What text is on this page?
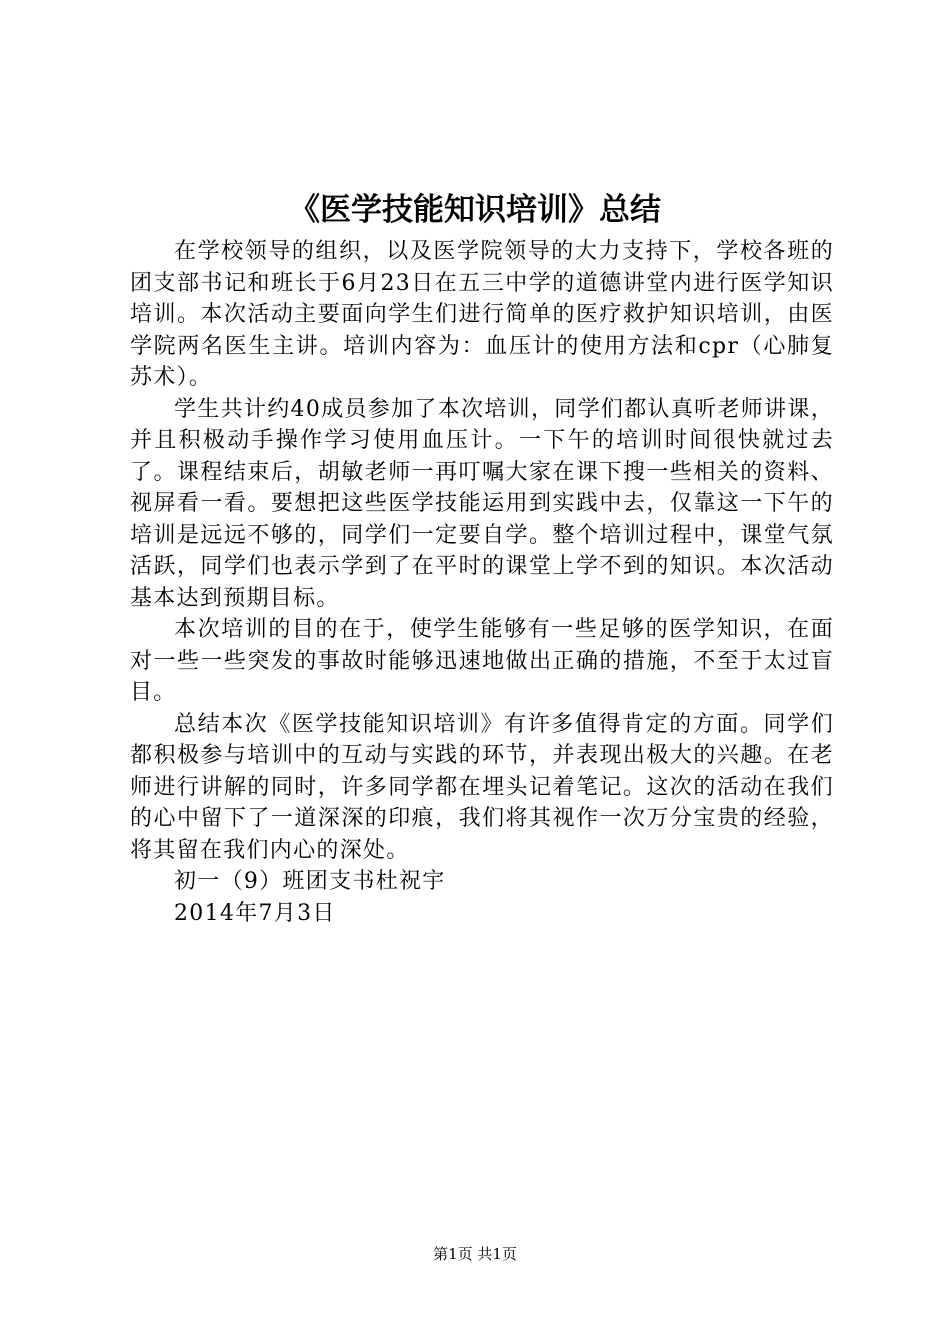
《医学技能知识培训》总结

在学校领导的组织，以及医学院领导的大力支持下，学校各班的团支部书记和班长于6月23日在五三中学的道德讲堂内进行医学知识培训。本次活动主要面向学生们进行简单的医疗救护知识培训，由医学院两名医生主讲。培训内容为：血压计的使用方法和cpr（心肺复苏术）。

学生共计约40成员参加了本次培训，同学们都认真听老师讲课，并且积极动手操作学习使用血压计。一下午的培训时间很快就过去了。课程结束后，胡敏老师一再叮嘱大家在课下搜一些相关的资料、视屏看一看。要想把这些医学技能运用到实践中去，仅靠这一下午的培训是远远不够的，同学们一定要自学。整个培训过程中，课堂气氛活跃，同学们也表示学到了在平时的课堂上学不到的知识。本次活动基本达到预期目标。

本次培训的目的在于，使学生能够有一些足够的医学知识，在面对一些一些突发的事故时能够迅速地做出正确的措施，不至于太过盲目。

总结本次《医学技能知识培训》有许多值得肯定的方面。同学们都积极参与培训中的互动与实践的环节，并表现出极大的兴趣。在老师进行讲解的同时，许多同学都在埋头记着笔记。这次的活动在我们的心中留下了一道深深的印痕，我们将其视作一次万分宝贵的经验，将其留在我们内心的深处。

初一（9）班团支书杜祝宇

2014年7月3日

第1页 共1页
